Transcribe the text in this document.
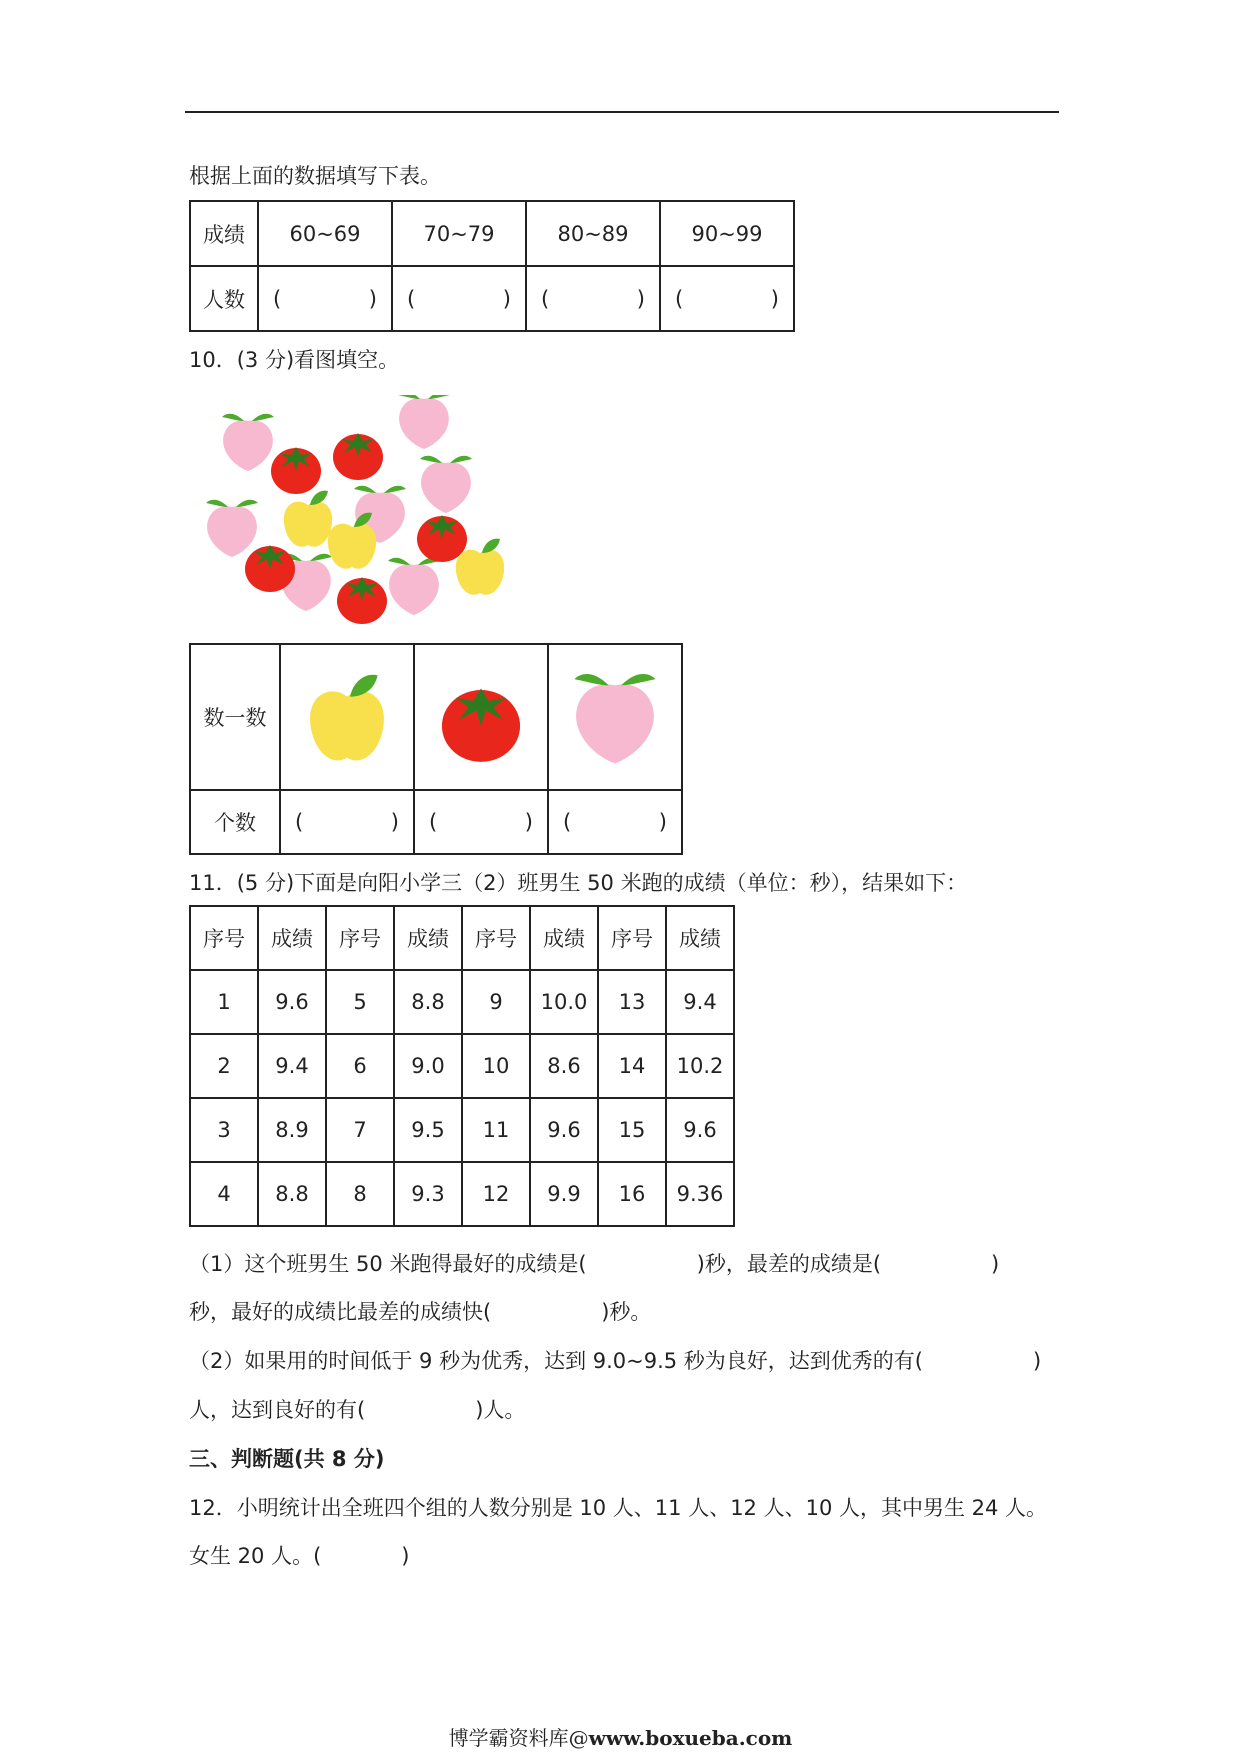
根据上面的数据填写下表。
成绩	60~69	70~79	80~89	90~99
人数	( )	( )	( )	( )
10．(3 分)看图填空。
数一数			
个数	( )	( )	( )
11．(5 分)下面是向阳小学三（2）班男生 50 米跑的成绩（单位：秒），结果如下：
序号	成绩	序号	成绩	序号	成绩	序号	成绩
1	9.6	5	8.8	9	10.0	13	9.4
2	9.4	6	9.0	10	8.6	14	10.2
3	8.9	7	9.5	11	9.6	15	9.6
4	8.8	8	9.3	12	9.9	16	9.36
（1）这个班男生 50 米跑得最好的成绩是(	)秒，最差的成绩是(	)
秒，最好的成绩比最差的成绩快(	)秒。
（2）如果用的时间低于 9 秒为优秀，达到 9.0~9.5 秒为良好，达到优秀的有(	)
人，达到良好的有(	)人。
三、判断题(共 8 分)
12．小明统计出全班四个组的人数分别是 10 人、11 人、12 人、10 人，其中男生 24 人。
女生 20 人。(	)
博学霸资料库@www.boxueba.com
